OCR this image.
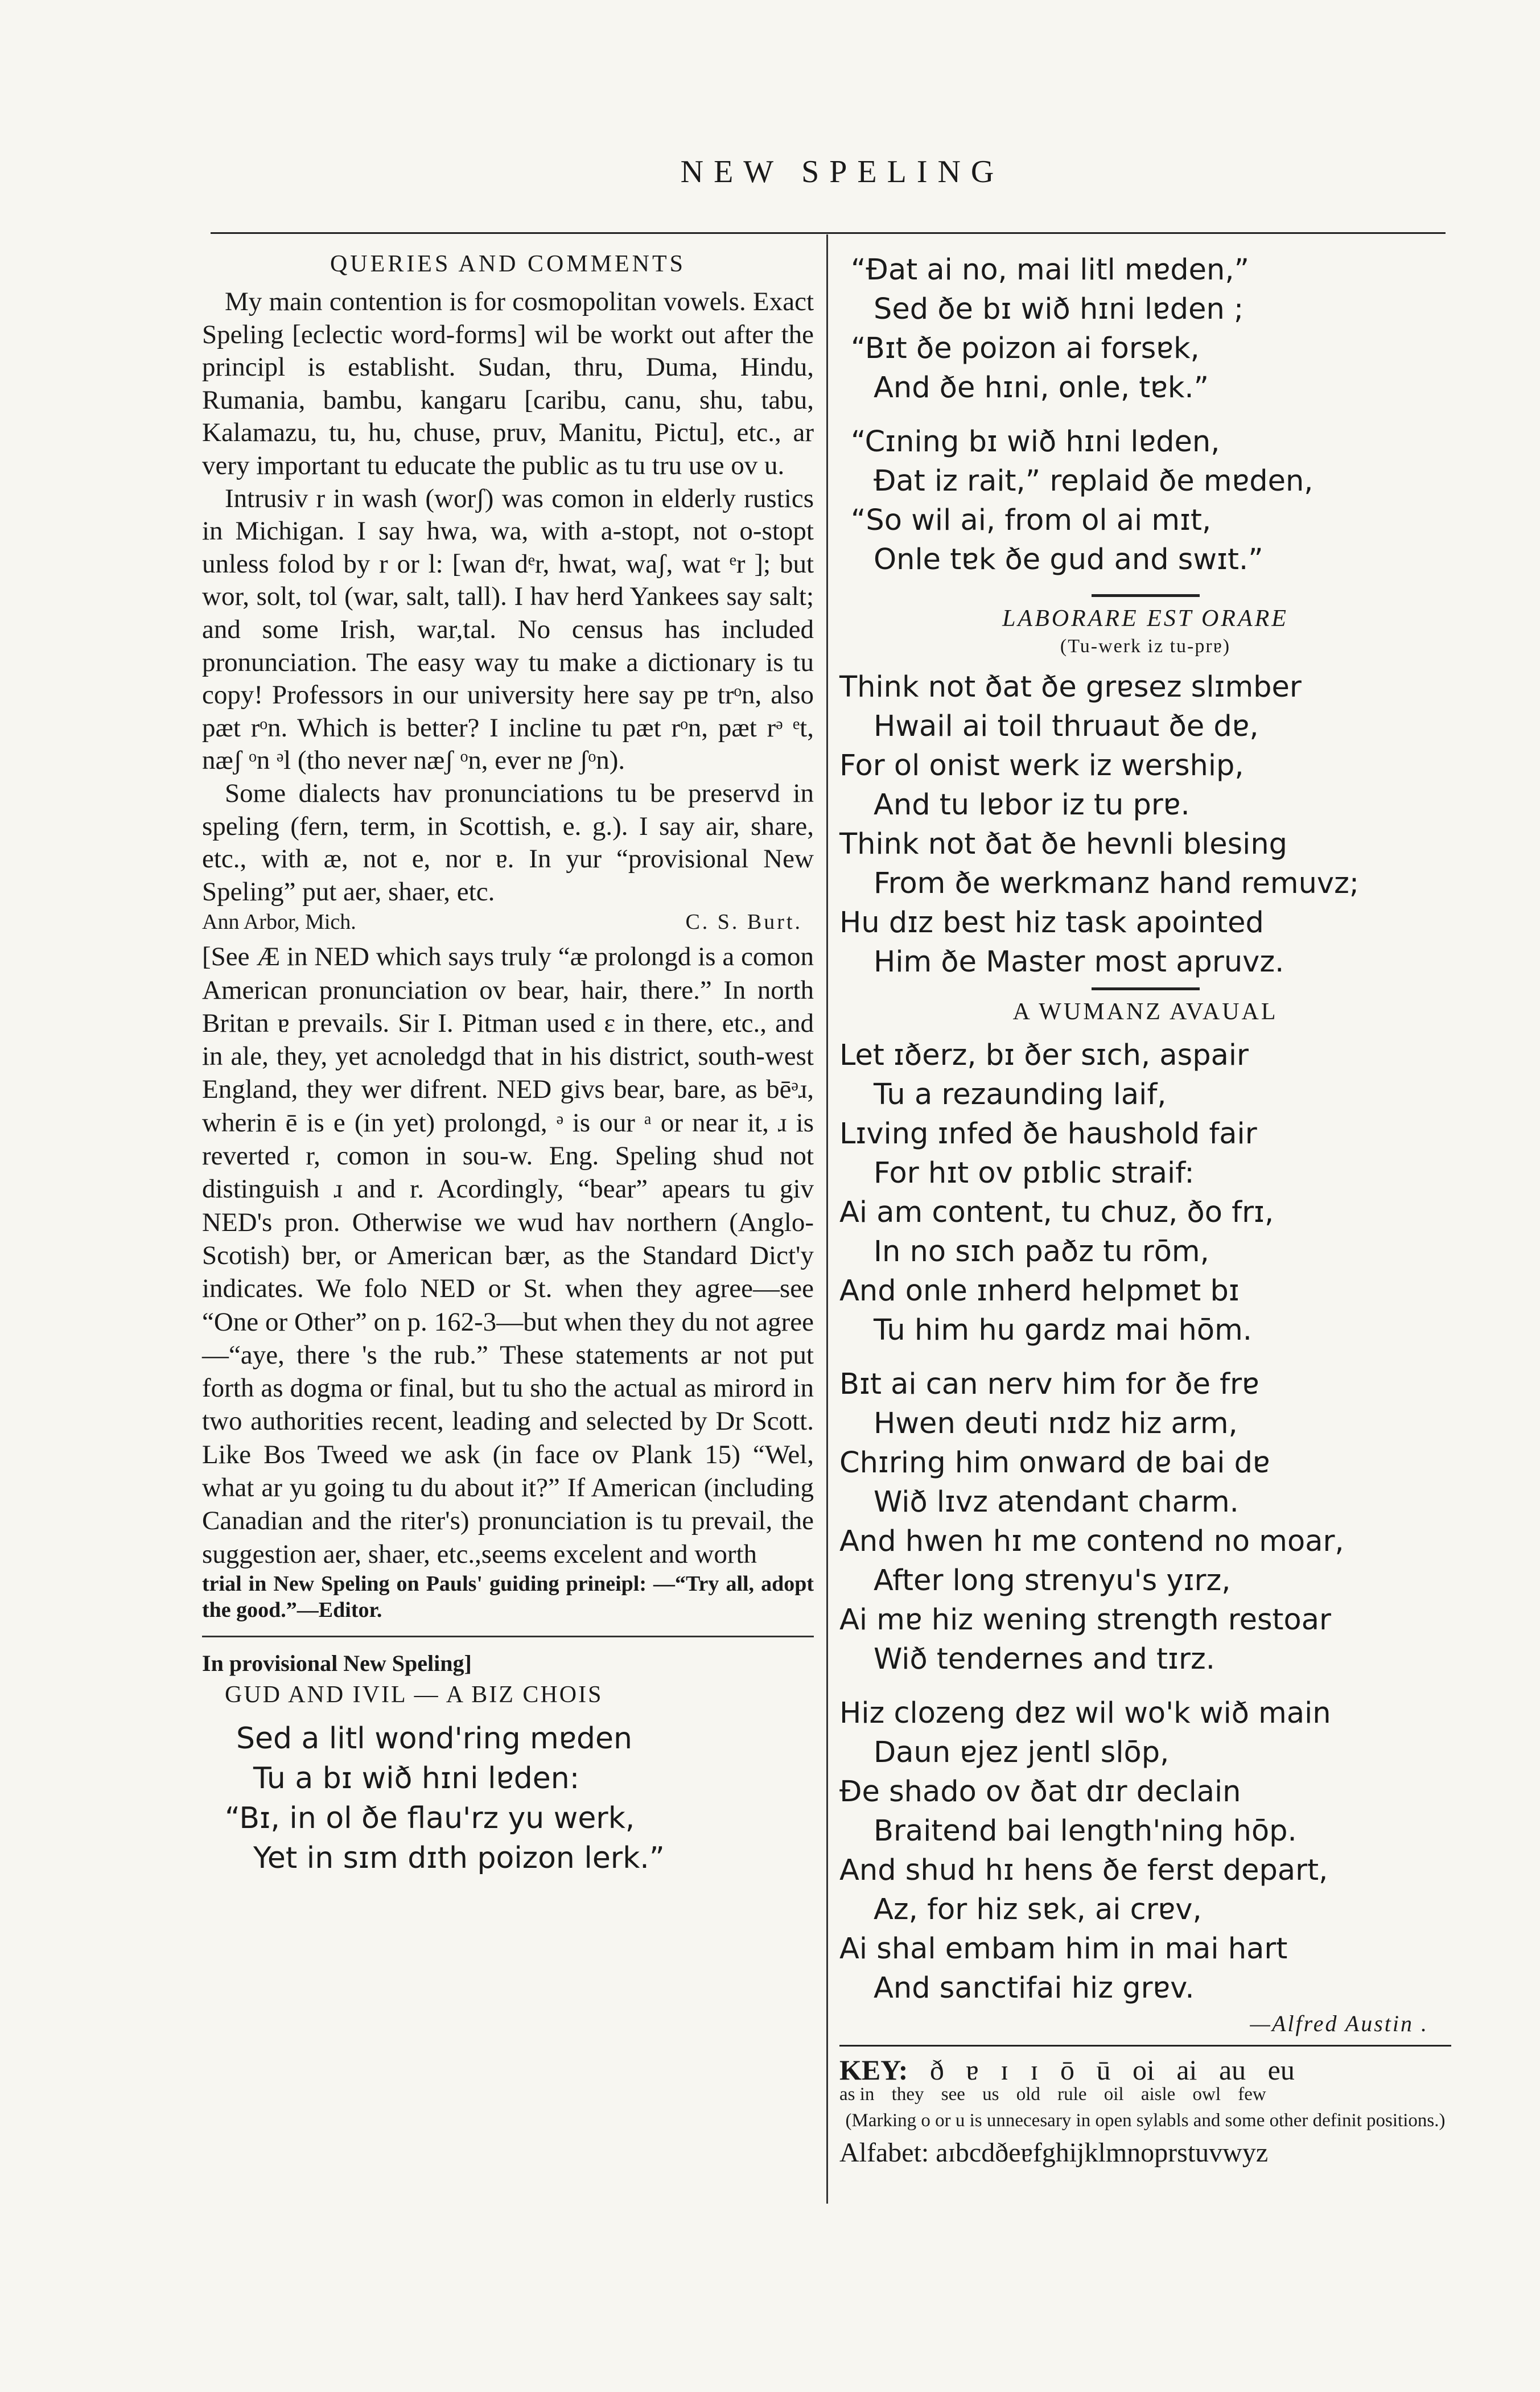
NEW SPELING
QUERIES AND COMMENTS

My main contention is for cosmopolitan vowels. Exact Speling [eclectic word-forms] wil be workt out after the principl is establisht. Sudan, thru, Duma, Hindu, Rumania, bambu, kangaru [caribu, canu, shu, tabu, Kalamazu, tu, hu, chuse, pruv, Manitu, Pictu], etc., ar very important tu educate the public as tu tru use ov u.

Intrusiv r in wash (worʃ) was comon in elderly rustics in Michigan. I say hwa, wa, with a-stopt, not o-stopt unless folod by r or l: [wan dᵉr, hwat, waʃ, wat ᵉr ]; but wor, solt, tol (war, salt, tall). I hav herd Yankees say salt; and some Irish, war,tal. No census has included pronunciation. The easy way tu make a dictionary is tu copy! Professors in our university here say pɐ trᵒn, also pæt rᵒn. Which is better? I incline tu pæt rᵒn, pæt rᵊ ᵉt, næʃ ᵒn ᵊl (tho never næʃ ᵒn, ever nɐ ʃᵒn).

Some dialects hav pronunciations tu be preservd in speling (fern, term, in Scottish, e. g.). I say air, share, etc., with æ, not e, nor ɐ. In yur “provisional New Speling” put aer, shaer, etc.

Ann Arbor, Mich.	C. S. Burt.

[See Æ in NED which says truly “æ prolongd is a comon American pronunciation ov bear, hair, there.” In north Britan ɐ prevails. Sir I. Pitman used ɛ in there, etc., and in ale, they, yet acnoledgd that in his district, south-west England, they wer difrent. NED givs bear, bare, as bēᵊɹ, wherin ē is e (in yet) prolongd, ᵊ is our ᵃ or near it, ɹ is reverted r, comon in sou-w. Eng. Speling shud not distinguish ɹ and r. Acordingly, “bear” apears tu giv NED's pron. Otherwise we wud hav northern (Anglo-Scotish) bɐr, or American bær, as the Standard Dict'y indicates. We folo NED or St. when they agree—see “One or Other” on p. 162-3—but when they du not agree—“aye, there 's the rub.” These statements ar not put forth as dogma or final, but tu sho the actual as mirord in two authorities recent, leading and selected by Dr Scott. Like Bos Tweed we ask (in face ov Plank 15) “Wel, what ar yu going tu du about it?” If American (including Canadian and the riter's) pronunciation is tu prevail, the suggestion aer, shaer, etc.,seems excelent and worth

trial in New Speling on Pauls' guiding prineipl: —“Try all, adopt the good.”—Editor.

In provisional New Speling]
GUD AND IVIL — A BIZ CHOIS
Sed a litl wond'ring mɐden
Tu a bɪ wið hɪni lɐden:
“Bɪ, in ol ðe flau'rz yu werk,
Yet in sɪm dɪth poizon lerk.”
“Ðat ai no, mai litl mɐden,”
Sed ðe bɪ wið hɪni lɐden ;
“Bɪt ðe poizon ai forsɐk,
And ðe hɪni, onle, tɐk.”
“Cɪning bɪ wið hɪni lɐden,
Ðat iz rait,” replaid ðe mɐden,
“So wil ai, from ol ai mɪt,
Onle tɐk ðe gud and swɪt.”
LABORARE EST ORARE
(Tu-werk iz tu-prɐ)
Think not ðat ðe grɐsez slɪmber
Hwail ai toil thruaut ðe dɐ,
For ol onist werk iz wership,
And tu lɐbor iz tu prɐ.
Think not ðat ðe hevnli blesing
From ðe werkmanz hand remuvz;
Hu dɪz best hiz task apointed
Him ðe Master most apruvz.
A WUMANZ AVAUAL
Let ɪðerz, bɪ ðer sɪch, aspair
Tu a rezaunding laif,
Lɪving ɪnfed ðe haushold fair
For hɪt ov pɪblic straif:
Ai am content, tu chuz, ðo frɪ,
In no sɪch paðz tu rōm,
And onle ɪnherd helpmɐt bɪ
Tu him hu gardz mai hōm.
Bɪt ai can nerv him for ðe frɐ
Hwen deuti nɪdz hiz arm,
Chɪring him onward dɐ bai dɐ
Wið lɪvz atendant charm.
And hwen hɪ mɐ contend no moar,
After long strenyu's yɪrz,
Ai mɐ hiz wening strength restoar
Wið tendernes and tɪrz.
Hiz clozeng dɐz wil wo'k wið main
Daun ɐjez jentl slōp,
Ðe shado ov ðat dɪr declain
Braitend bai length'ning hōp.
And shud hɪ hens ðe ferst depart,
Az, for hiz sɐk, ai crɐv,
Ai shal embam him in mai hart
And sanctifai hiz grɐv.
—Alfred Austin .
KEY: ð ɐ ɪ ɪ ō ū oi ai au eu
as in they see us old rule oil aisle owl few
(Marking o or u is unnecesary in open sylabls and some other definit positions.)
Alfabet: aɪbcdðeɐfghijklmnoprstuvwyz
